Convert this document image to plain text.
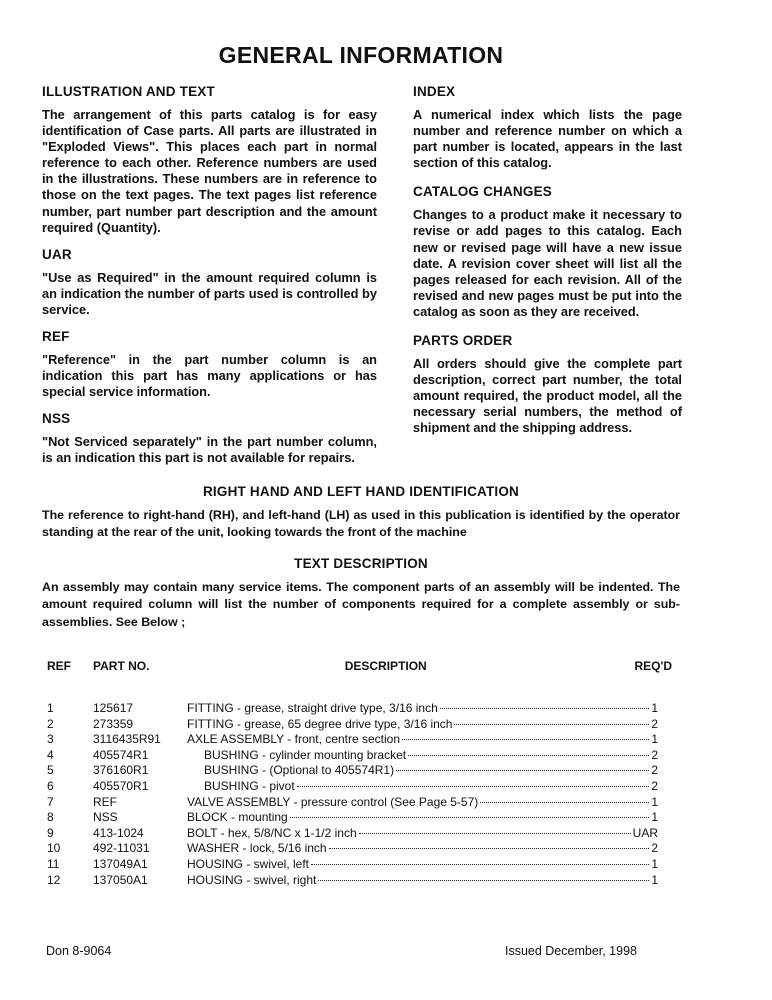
GENERAL INFORMATION
ILLUSTRATION AND TEXT

The arrangement of this parts catalog is for easy identification of Case parts. All parts are illustrated in "Exploded Views". This places each part in normal reference to each other. Reference numbers are used in the illustrations. These numbers are in reference to those on the text pages. The text pages list reference number, part number part description and the amount required (Quantity).

UAR

"Use as Required" in the amount required column is an indication the number of parts used is controlled by service.

REF

"Reference" in the part number column is an indication this part has many applications or has special service information.

NSS

"Not Serviced separately" in the part number column, is an indication this part is not available for repairs.

INDEX

A numerical index which lists the page number and reference number on which a part number is located, appears in the last section of this catalog.

CATALOG CHANGES

Changes to a product make it necessary to revise or add pages to this catalog. Each new or revised page will have a new issue date. A revision cover sheet will list all the pages released for each revision. All of the revised and new pages must be put into the catalog as soon as they are received.

PARTS ORDER

All orders should give the complete part description, correct part number, the total amount required, the product model, all the necessary serial numbers, the method of shipment and the shipping address.

RIGHT HAND AND LEFT HAND IDENTIFICATION

The reference to right-hand (RH), and left-hand (LH) as used in this publication is identified by the operator standing at the rear of the unit, looking towards the front of the machine

TEXT DESCRIPTION

An assembly may contain many service items. The component parts of an assembly will be indented. The amount required column will list the number of components required for a complete assembly or sub-assemblies. See Below ;

REF	PART NO.	DESCRIPTION	REQ'D
1	125617	FITTING - grease, straight drive type, 3/16 inch	1
2	273359	FITTING - grease, 65 degree drive type, 3/16 inch	2
3	3116435R91	AXLE ASSEMBLY - front, centre section	1
4	405574R1	BUSHING - cylinder mounting bracket	2
5	376160R1	BUSHING - (Optional to 405574R1)	2
6	405570R1	BUSHING - pivot	2
7	REF	VALVE ASSEMBLY - pressure control (See Page 5-57)	1
8	NSS	BLOCK - mounting	1
9	413-1024	BOLT - hex, 5/8/NC x 1-1/2 inch	UAR
10	492-11031	WASHER - lock, 5/16 inch	2
11	137049A1	HOUSING - swivel, left	1
12	137050A1	HOUSING - swivel, right	1
Don 8-9064	Issued December, 1998
